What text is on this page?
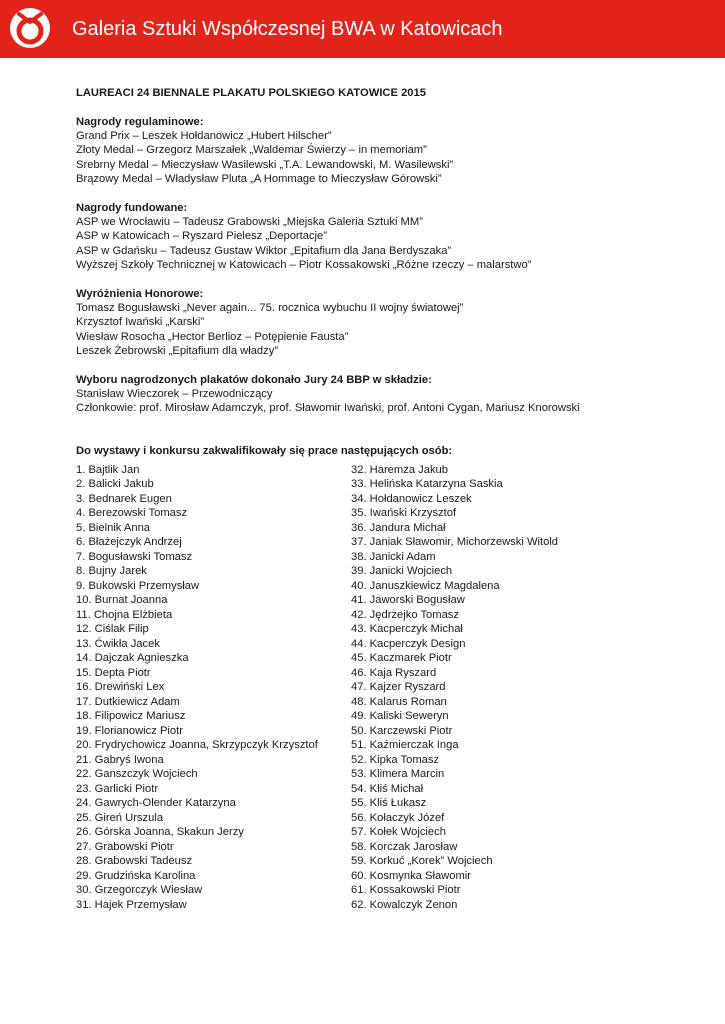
Galeria Sztuki Współczesnej BWA w Katowicach

LAUREACI 24 BIENNALE PLAKATU POLSKIEGO KATOWICE 2015

Nagrody regulaminowe:
Grand Prix – Leszek Hołdanowicz „Hubert Hilscher”
Złoty Medal – Grzegorz Marszałek „Waldemar Świerzy – in memoriam”
Srebrny Medal – Mieczysław Wasilewski „T.A. Lewandowski, M. Wasilewski”
Brązowy Medal – Władysław Pluta „A Hommage to Mieczysław Górowski”
Nagrody fundowane:
ASP we Wrocławiu – Tadeusz Grabowski „Miejska Galeria Sztuki MM”
ASP w Katowicach – Ryszard Pielesz „Deportacje”
ASP w Gdańsku – Tadeusz Gustaw Wiktor „Epitafium dla Jana Berdyszaka”
Wyższej Szkoły Technicznej w Katowicach – Piotr Kossakowski „Różne rzeczy – malarstwo”
Wyróżnienia Honorowe:
Tomasz Bogusławski „Never again... 75. rocznica wybuchu II wojny światowej”
Krzysztof Iwański „Karski”
Wiesław Rosocha „Hector Berlioz – Potępienie Fausta”
Leszek Żebrowski „Epitafium dla władzy”
Wyboru nagrodzonych plakatów dokonało Jury 24 BBP w składzie:
Stanisław Wieczorek – Przewodniczący
Członkowie: prof. Mirosław Adamczyk, prof. Sławomir Iwański, prof. Antoni Cygan, Mariusz Knorowski
Do wystawy i konkursu zakwalifikowały się prace następujących osób:
1. Bajtlik Jan
2. Balicki Jakub
3. Bednarek Eugen
4. Berezowski Tomasz
5. Bielnik Anna
6. Błażejczyk Andrzej
7. Bogusławski Tomasz
8. Bujny Jarek
9. Bukowski Przemysław
10. Burnat Joanna
11. Chojna Elżbieta
12. Ciślak Filip
13. Ćwikła Jacek
14. Dajczak Agnieszka
15. Depta Piotr
16. Drewiński Lex
17. Dutkiewicz Adam
18. Filipowicz Mariusz
19. Florianowicz Piotr
20. Frydrychowicz Joanna, Skrzypczyk Krzysztof
21. Gabryś Iwona
22. Ganszczyk Wojciech
23. Garlicki Piotr
24. Gawrych-Olender Katarzyna
25. Gireń Urszula
26. Górska Joanna, Skakun Jerzy
27. Grabowski Piotr
28. Grabowski Tadeusz
29. Grudzińska Karolina
30. Grzegorczyk Wiesław
31. Hajek Przemysław
32. Haremza Jakub
33. Helińska Katarzyna Saskia
34. Hołdanowicz Leszek
35. Iwański Krzysztof
36. Jandura Michał
37. Janiak Sławomir, Michorzewski Witold
38. Janicki Adam
39. Janicki Wojciech
40. Januszkiewicz Magdalena
41. Jaworski Bogusław
42. Jędrzejko Tomasz
43. Kacperczyk Michał
44. Kacperczyk Design
45. Kaczmarek Piotr
46. Kaja Ryszard
47. Kajzer Ryszard
48. Kalarus Roman
49. Kaliski Seweryn
50. Karczewski Piotr
51. Kaźmierczak Inga
52. Kipka Tomasz
53. Klimera Marcin
54. Kliś Michał
55. Kliś Łukasz
56. Kołaczyk Józef
57. Kołek Wojciech
58. Korczak Jarosław
59. Korkuć „Korek” Wojciech
60. Kosmynka Sławomir
61. Kossakowski Piotr
62. Kowalczyk Zenon
